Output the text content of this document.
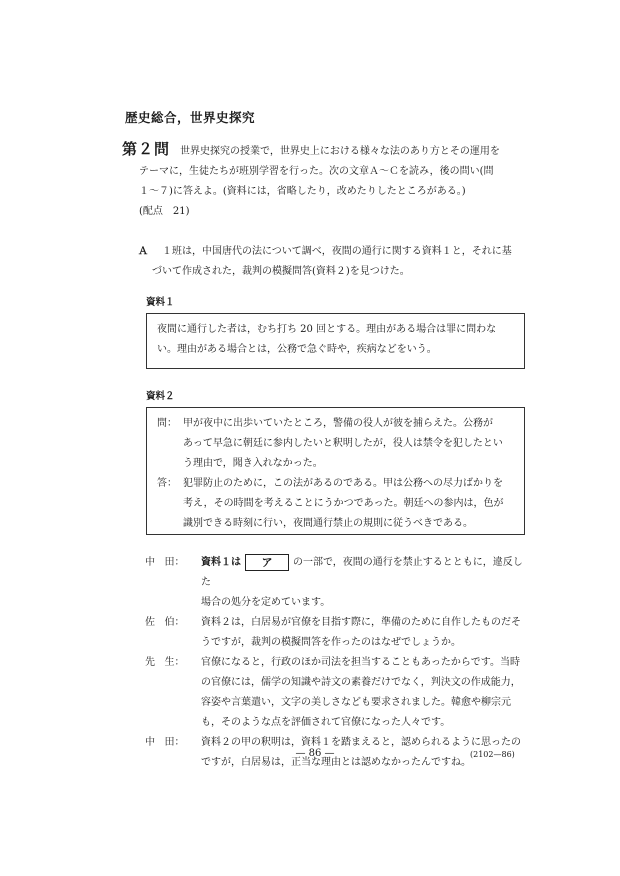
歴史総合，世界史探究
第２問 世界史探究の授業で，世界史上における様々な法のあり方とその運用を
テーマに，生徒たちが班別学習を行った。次の文章Ａ～Ｃを読み，後の問い(問
１～７)に答えよ。(資料には，省略したり，改めたりしたところがある。)
(配点　21)
Ａ １班は，中国唐代の法について調べ，夜間の通行に関する資料１と，それに基
づいて作成された，裁判の模擬問答(資料２)を見つけた。
資料１
夜間に通行した者は，むち打ち 20 回とする。理由がある場合は罪に問わな
い。理由がある場合とは，公務で急ぐ時や，疾病などをいう。
資料２
問： 甲が夜中に出歩いていたところ，警備の役人が彼を捕らえた。公務が
あって早急に朝廷に参内したいと釈明したが，役人は禁令を犯したとい
う理由で，聞き入れなかった。
答： 犯罪防止のために，この法があるのである。甲は公務への尽力ばかりを
考え，その時間を考えることにうかつであった。朝廷への参内は，色が
識別できる時刻に行い，夜間通行禁止の規則に従うべきである。
中 田：	資料１は ア の一部で，夜間の通行を禁止するとともに，違反した
場合の処分を定めています。
佐 伯：	資料２は，白居易が官僚を目指す際に，準備のために自作したものだそ
うですが，裁判の模擬問答を作ったのはなぜでしょうか。
先 生：	官僚になると，行政のほか司法を担当することもあったからです。当時
の官僚には，儒学の知識や詩文の素養だけでなく，判決文の作成能力，
容姿や言葉遣い，文字の美しさなども要求されました。韓愈や柳宗元
も，そのような点を評価されて官僚になった人々です。
中 田：	資料２の甲の釈明は，資料１を踏まえると，認められるように思ったの
ですが，白居易は，正当な理由とは認めなかったんですね。
— 86 —	(2102—86)
